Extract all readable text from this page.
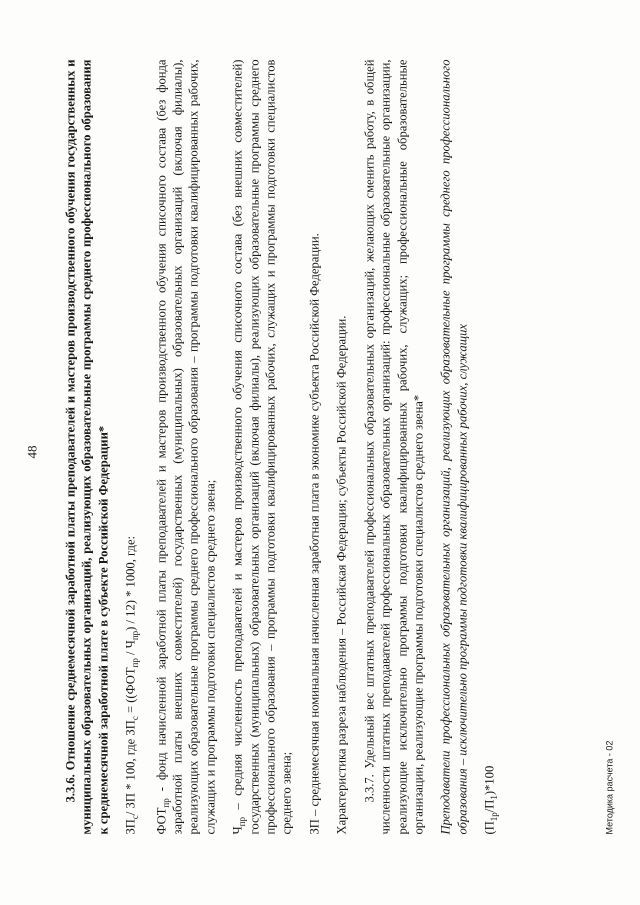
48 3.3.6. Отношение среднемесячной заработной платы преподавателей и мастеров производственного обучения государственных и муниципальных образовательных организаций, реализующих образовательные программы среднего профессионального образования к среднемесячной заработной плате в субъекте Российской Федерации*

$ЗП_с/$ ЗП * 100, где $ЗП_с = ((ФОТ_{пр} / Ч_{пр}) / 12) * 1000$, где:

$ФОТ_{пр}$ - фонд начисленной заработной платы преподавателей и мастеров производственного обучения списочного состава (без фонда заработной платы внешних совместителей) государственных (муниципальных) образовательных организаций (включая филиалы), реализующих образовательные программы среднего профессионального образования – программы подготовки квалифицированных рабочих, служащих и программы подготовки специалистов среднего звена; $Ч_{пр}$ – средняя численность преподавателей и мастеров производственного обучения списочного состава (без внешних совместителей) государственных (муниципальных) образовательных организаций (включая филиалы), реализующих образовательные программы среднего профессионального образования – программы подготовки квалифицированных рабочих, служащих и программы подготовки специалистов среднего звена; ЗП – среднемесячная номинальная начисленная заработная плата в экономике субъекта Российской Федерации. Характеристика разреза наблюдения – Российская Федерация; субъекты Российской Федерации. 3.3.7. Удельный вес штатных преподавателей профессиональных образовательных организаций, желающих сменить работу, в общей численности штатных преподавателей профессиональных образовательных организаций: профессиональные образовательные организации, реализующие исключительно программы подготовки квалифицированных рабочих, служащих; профессиональные образовательные организации, реализующие программы подготовки специалистов среднего звена* Преподаватели профессиональных образовательных организаций, реализующих образовательные программы среднего профессионального образования – исключительно программы подготовки квалифицированных рабочих, служащих $(П_{1р}/П_1)*100$	Методика расчета - 02
